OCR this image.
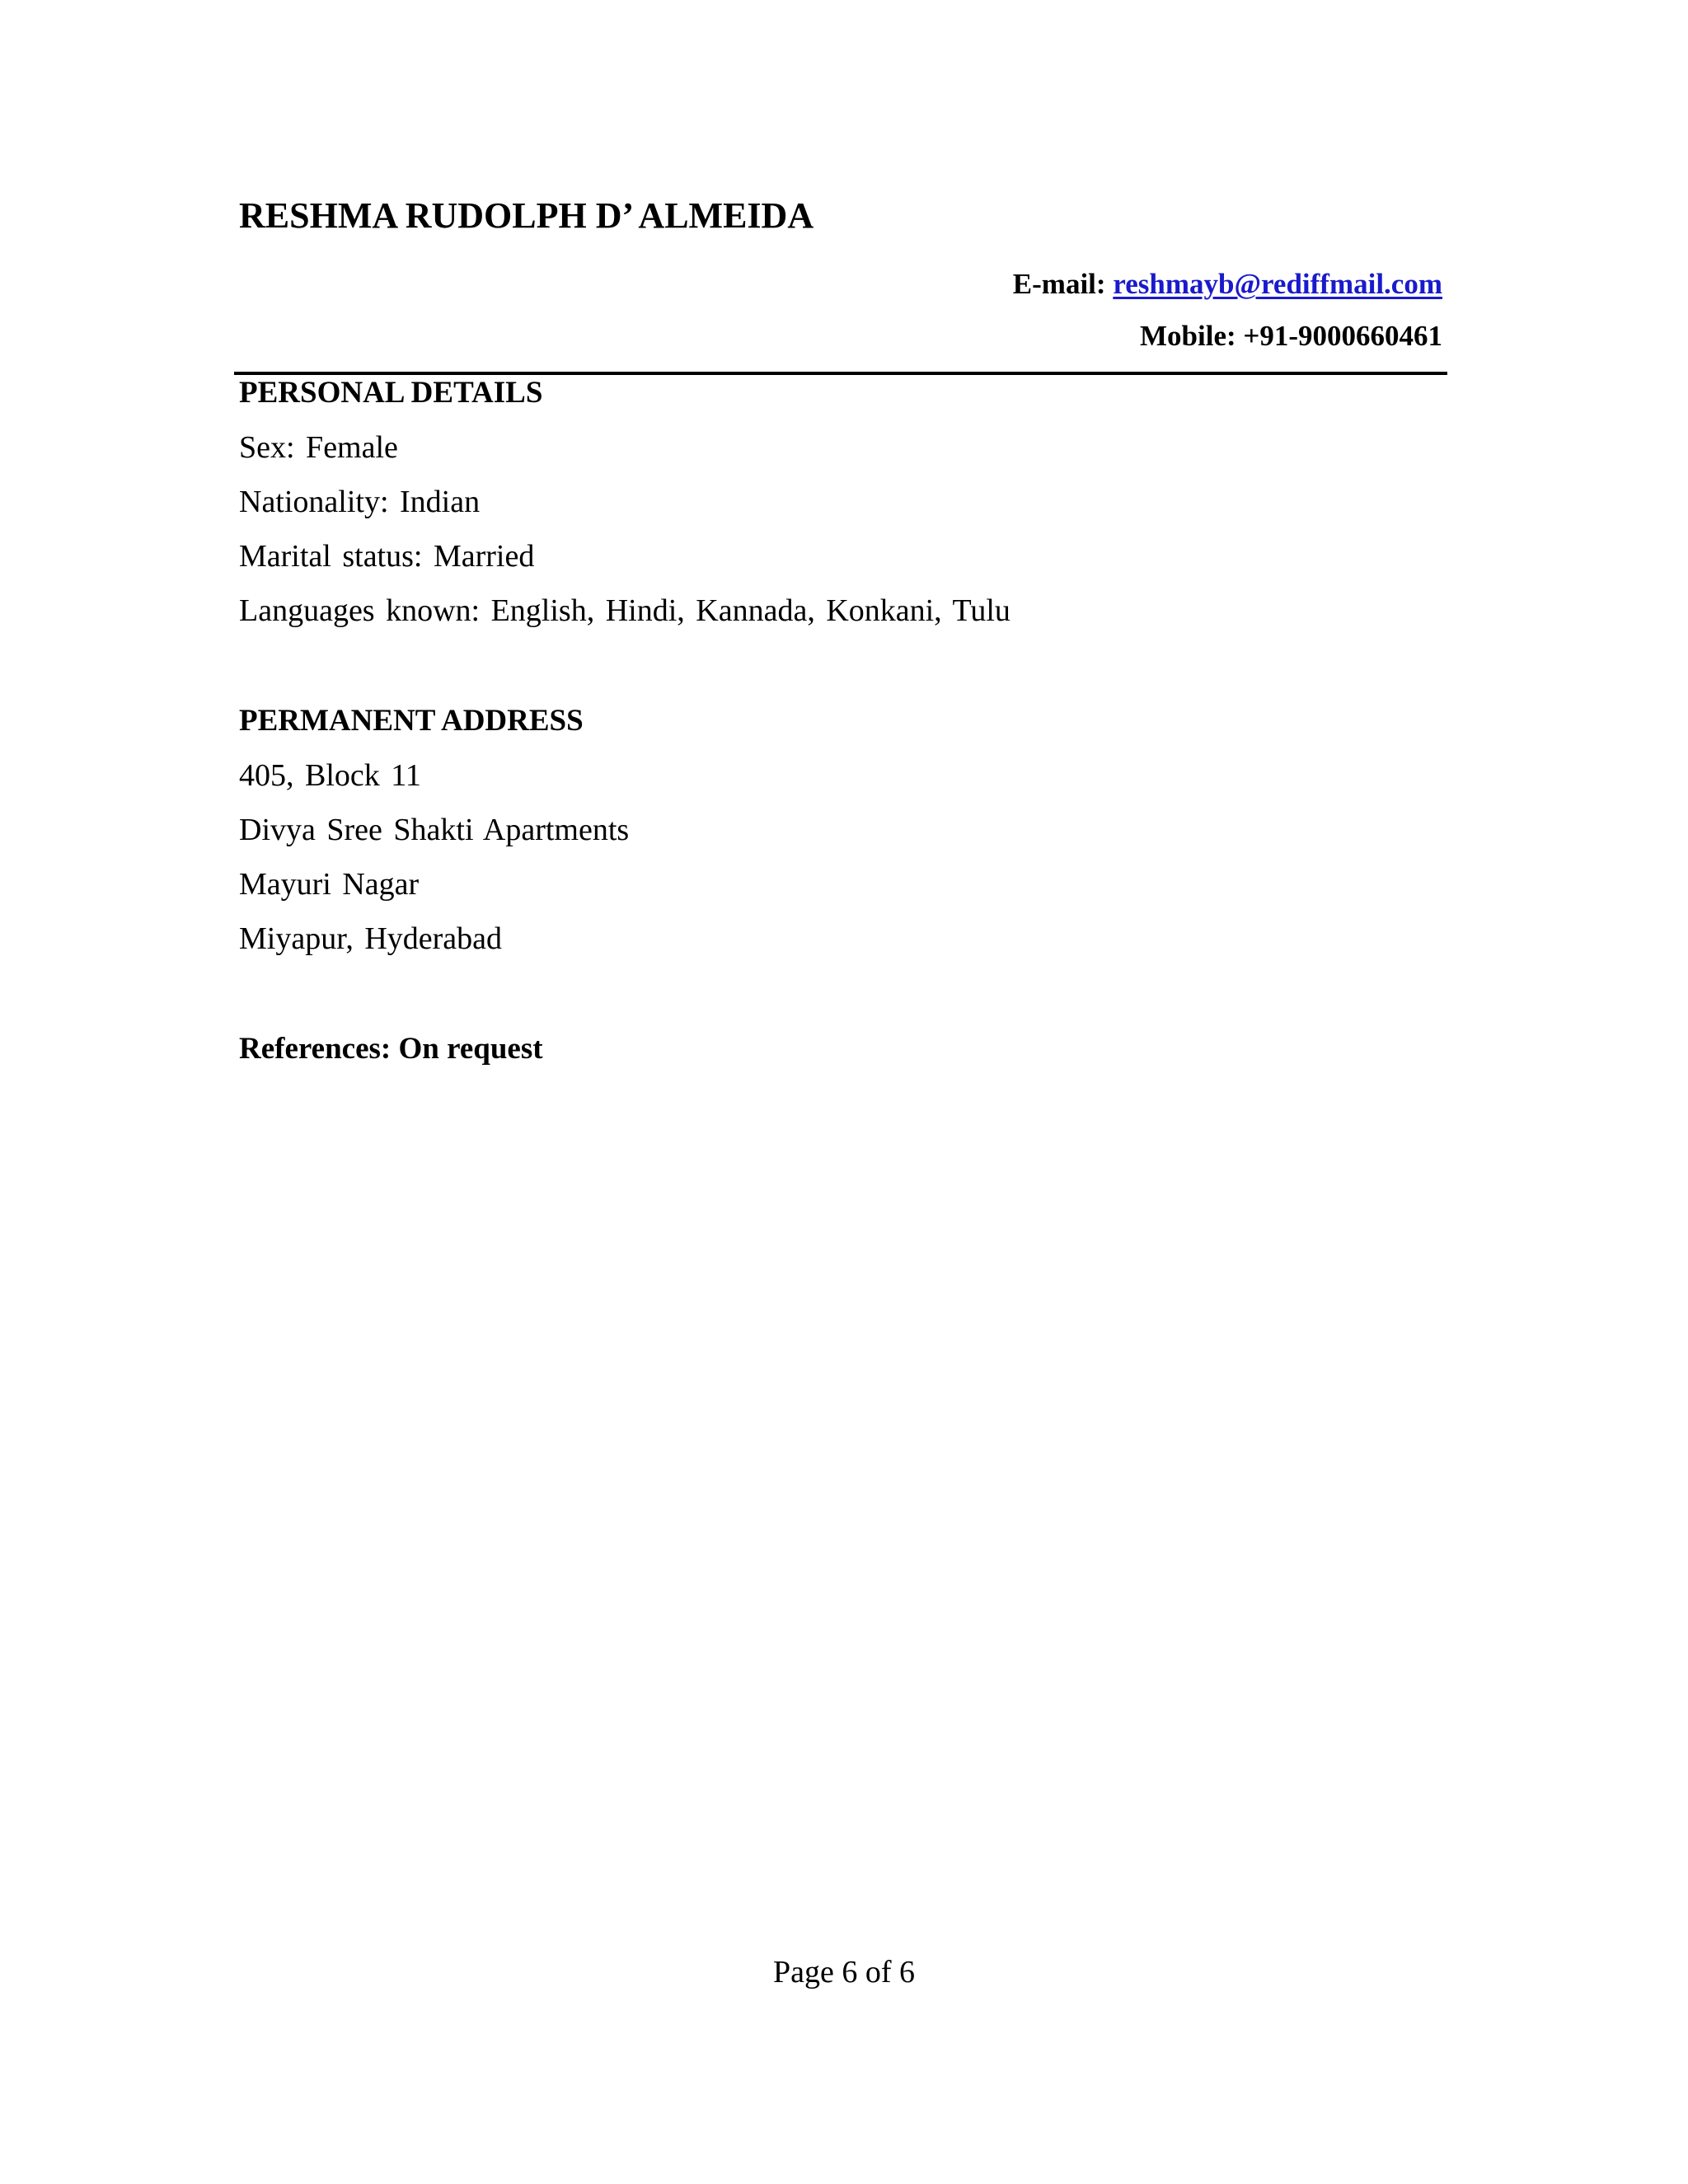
RESHMA RUDOLPH D’ ALMEIDA
E-mail: reshmayb@rediffmail.com
Mobile: +91-9000660461
PERSONAL DETAILS
Sex: Female
Nationality: Indian
Marital status: Married
Languages known: English, Hindi, Kannada, Konkani, Tulu
PERMANENT ADDRESS
405, Block 11
Divya Sree Shakti Apartments
Mayuri Nagar
Miyapur, Hyderabad
References: On request
Page 6 of 6
